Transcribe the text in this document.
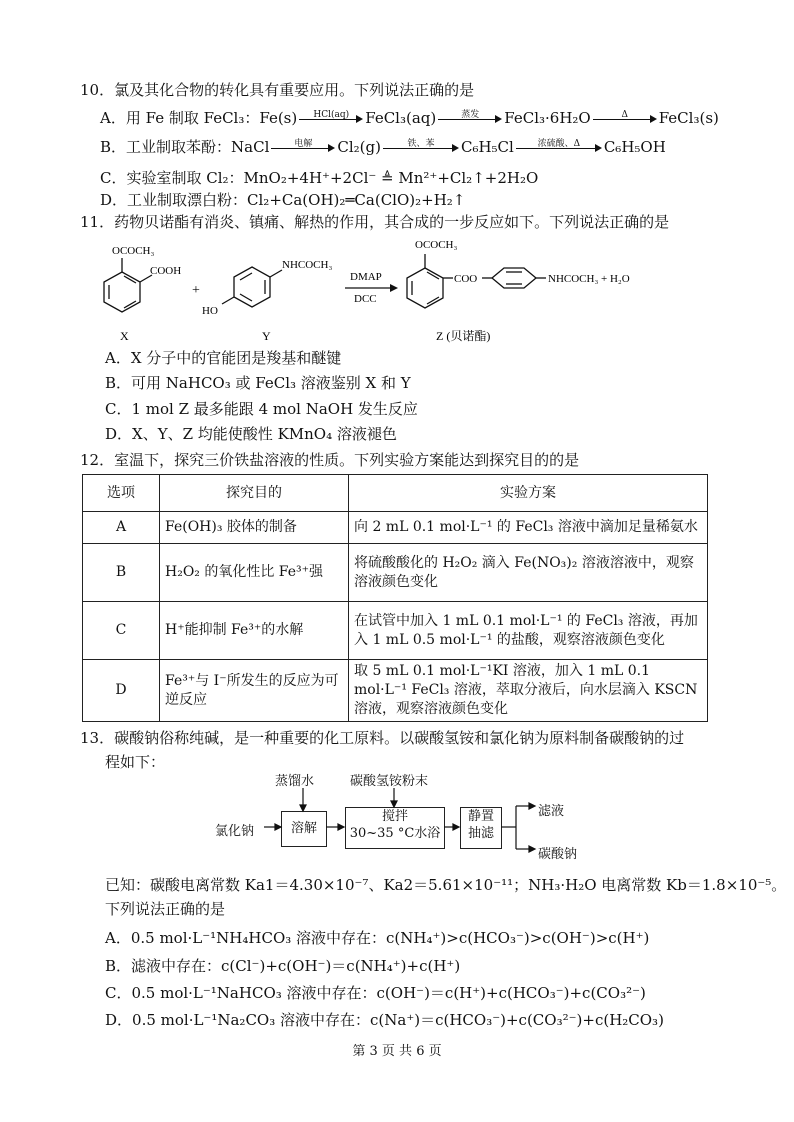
10．氯及其化合物的转化具有重要应用。下列说法正确的是
A．用 Fe 制取 FeCl₃：Fe(s)	HCl(aq)	FeCl₃(aq)	蒸发	FeCl₃·6H₂O	Δ	FeCl₃(s)
B．工业制取苯酚：NaCl	电解	Cl₂(g)	铁、苯	C₆H₅Cl	浓硫酸、Δ	C₆H₅OH
C．实验室制取 Cl₂：MnO₂+4H⁺+2Cl⁻ ≜ Mn²⁺+Cl₂↑+2H₂O
D．工业制取漂白粉：Cl₂+Ca(OH)₂═Ca(ClO)₂+H₂↑
11．药物贝诺酯有消炎、镇痛、解热的作用，其合成的一步反应如下。下列说法正确的是
OCOCH₃
COOH
+
NHCOCH₃
HO
DMAP
DCC
OCOCH₃
COO	NHCOCH₃ + H₂O
X	Y	Z (贝诺酯)
A．X 分子中的官能团是羧基和醚键
B．可用 NaHCO₃ 或 FeCl₃ 溶液鉴别 X 和 Y
C．1 mol Z 最多能跟 4 mol NaOH 发生反应
D．X、Y、Z 均能使酸性 KMnO₄ 溶液褪色
12．室温下，探究三价铁盐溶液的性质。下列实验方案能达到探究目的的是
选项	探究目的	实验方案
A	Fe(OH)₃ 胶体的制备	向 2 mL 0.1 mol·L⁻¹ 的 FeCl₃ 溶液中滴加足量稀氨水
B	H₂O₂ 的氧化性比 Fe³⁺强	将硫酸酸化的 H₂O₂ 滴入 Fe(NO₃)₂ 溶液溶液中，观察溶液颜色变化
C	H⁺能抑制 Fe³⁺的水解	在试管中加入 1 mL 0.1 mol·L⁻¹ 的 FeCl₃ 溶液，再加入 1 mL 0.5 mol·L⁻¹ 的盐酸，观察溶液颜色变化
D	Fe³⁺与 I⁻所发生的反应为可逆反应	取 5 mL 0.1 mol·L⁻¹KI 溶液，加入 1 mL 0.1 mol·L⁻¹ FeCl₃ 溶液，萃取分液后，向水层滴入 KSCN 溶液，观察溶液颜色变化
13．碳酸钠俗称纯碱，是一种重要的化工原料。以碳酸氢铵和氯化钠为原料制备碳酸钠的过
程如下：
蒸馏水	碳酸氢铵粉末
氯化钠	溶解
搅拌
30~35 °C水浴
静置
抽滤
滤液
碳酸钠
已知：碳酸电离常数 Ka1＝4.30×10⁻⁷、Ka2＝5.61×10⁻¹¹；NH₃·H₂O 电离常数 Kb＝1.8×10⁻⁵。
下列说法正确的是
A．0.5 mol·L⁻¹NH₄HCO₃ 溶液中存在：c(NH₄⁺)>c(HCO₃⁻)>c(OH⁻)>c(H⁺)
B．滤液中存在：c(Cl⁻)+c(OH⁻)＝c(NH₄⁺)+c(H⁺)
C．0.5 mol·L⁻¹NaHCO₃ 溶液中存在：c(OH⁻)＝c(H⁺)+c(HCO₃⁻)+c(CO₃²⁻)
D．0.5 mol·L⁻¹Na₂CO₃ 溶液中存在：c(Na⁺)＝c(HCO₃⁻)+c(CO₃²⁻)+c(H₂CO₃)
第 3 页 共 6 页
